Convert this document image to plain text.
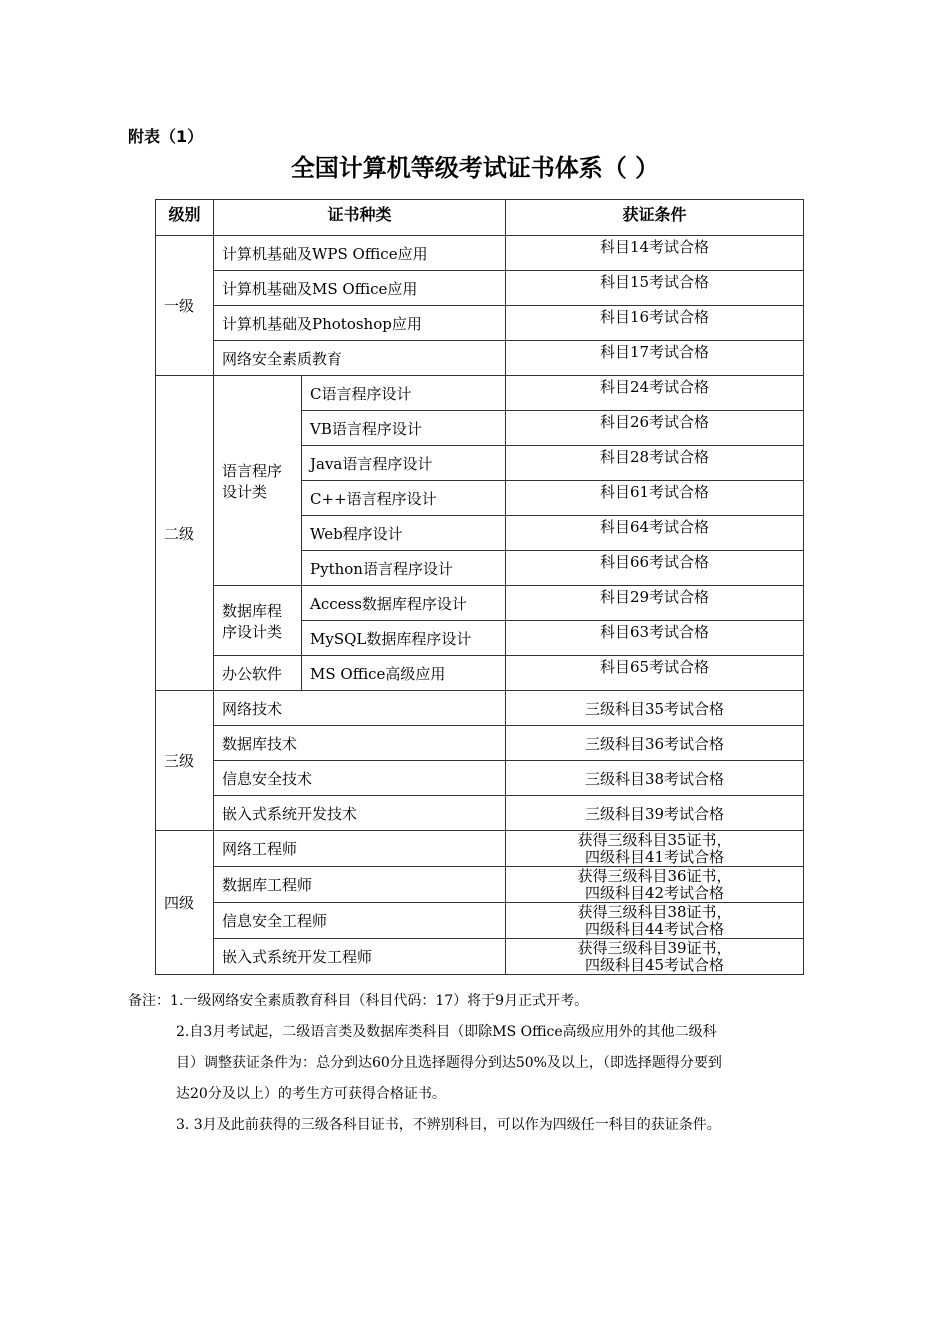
附表（1）
全国计算机等级考试证书体系（ ）
级别	证书种类		获证条件
一级	计算机基础及WPS Office应用		科目14考试合格
	计算机基础及MS Office应用		科目15考试合格
	计算机基础及Photoshop应用		科目16考试合格
	网络安全素质教育		科目17考试合格
二级	语言程序设计类	C语言程序设计	科目24考试合格
		VB语言程序设计	科目26考试合格
		Java语言程序设计	科目28考试合格
		C++语言程序设计	科目61考试合格
		Web程序设计	科目64考试合格
		Python语言程序设计	科目66考试合格
	数据库程序设计类	Access数据库程序设计	科目29考试合格
		MySQL数据库程序设计	科目63考试合格
	办公软件	MS Office高级应用	科目65考试合格
三级	网络技术		三级科目35考试合格
	数据库技术		三级科目36考试合格
	信息安全技术		三级科目38考试合格
	嵌入式系统开发技术		三级科目39考试合格
四级	网络工程师		获得三级科目35证书，
四级科目41考试合格

	数据库工程师		获得三级科目36证书，
四级科目42考试合格

	信息安全工程师		获得三级科目38证书，
四级科目44考试合格

	嵌入式系统开发工程师		获得三级科目39证书，
四级科目45考试合格

备注：1.一级网络安全素质教育科目（科目代码：17）将于9月正式开考。

2.自3月考试起，二级语言类及数据库类科目（即除MS Office高级应用外的其他二级科

目）调整获证条件为：总分到达60分且选择题得分到达50%及以上，（即选择题得分要到

达20分及以上）的考生方可获得合格证书。

3. 3月及此前获得的三级各科目证书，不辨别科目，可以作为四级任一科目的获证条件。
